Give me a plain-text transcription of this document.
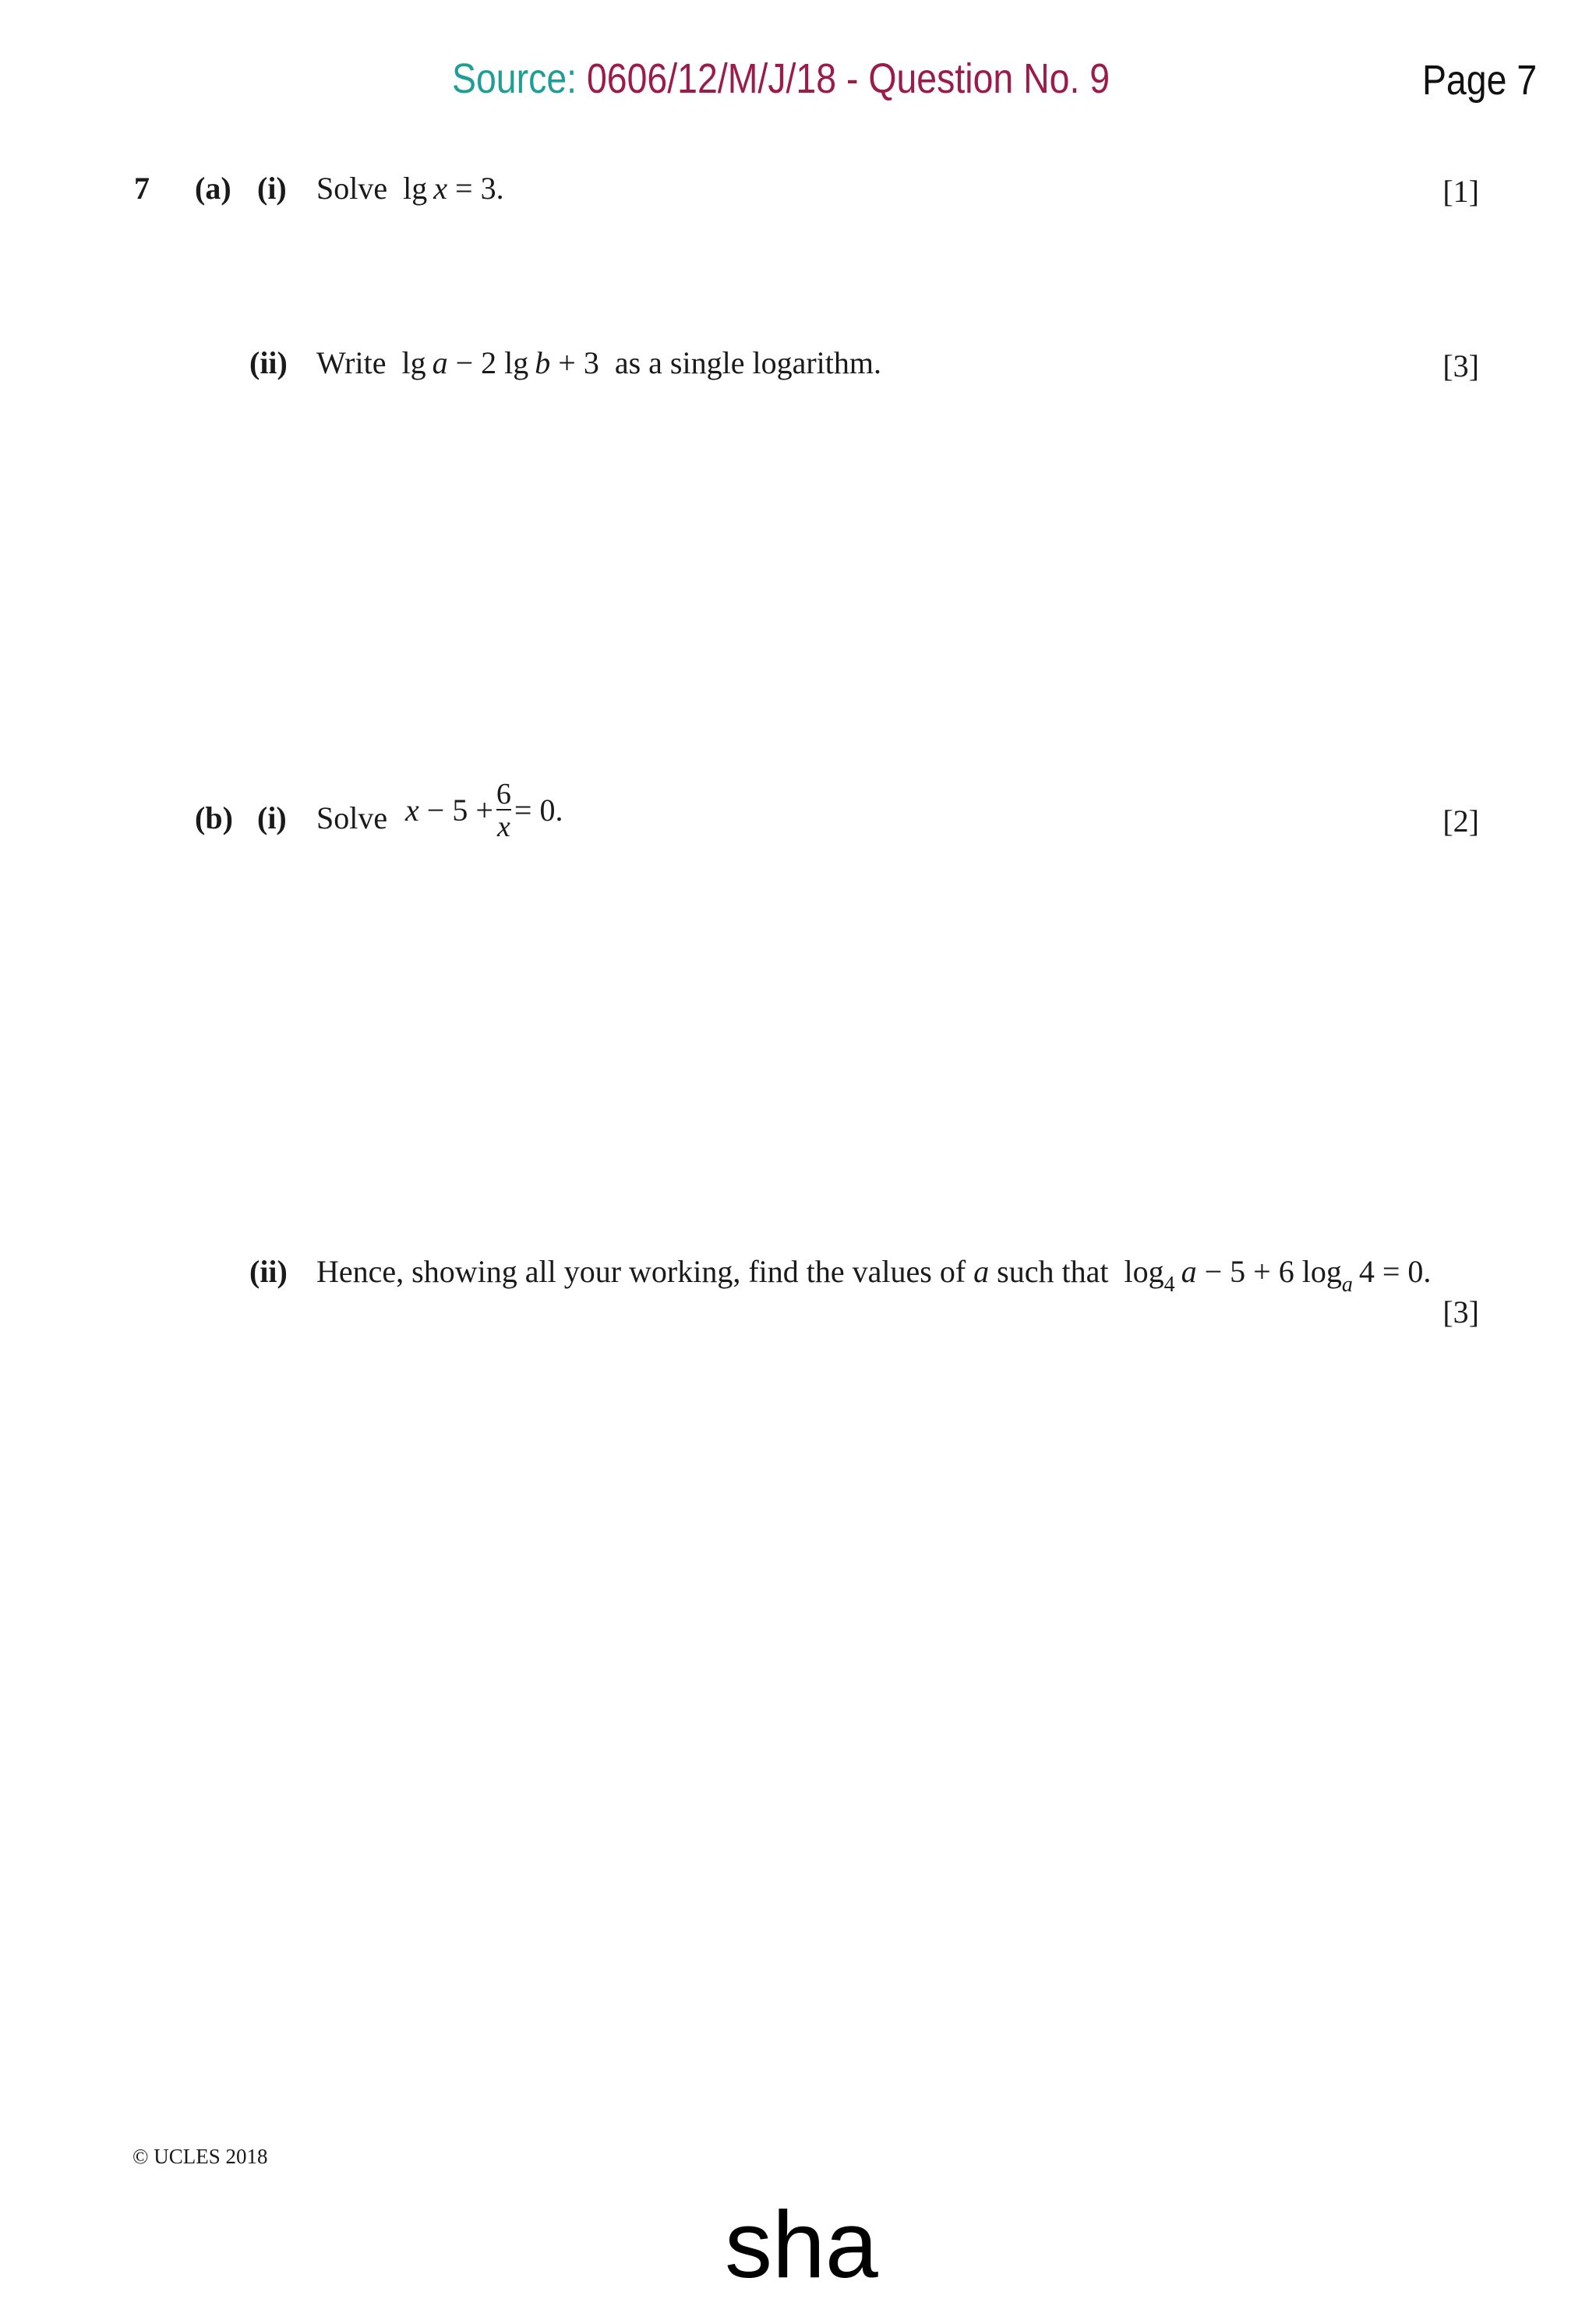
Source: 0606/12/M/J/18 - Question No. 9	Page 7
7 (a) (i) Solve lg  x = 3.	[1]
(ii) Write lg  a − 2 lg  b + 3 as a single logarithm.	[3]
(b) (i) Solve $x - 5 + \frac{6}{x} = 0$.	[2]
(ii) Hence, showing all your working, find the values of a such that $\log_4 a - 5 + 6$ $\log_a 4 = 0$.
[3]
© UCLES 2018
sha
